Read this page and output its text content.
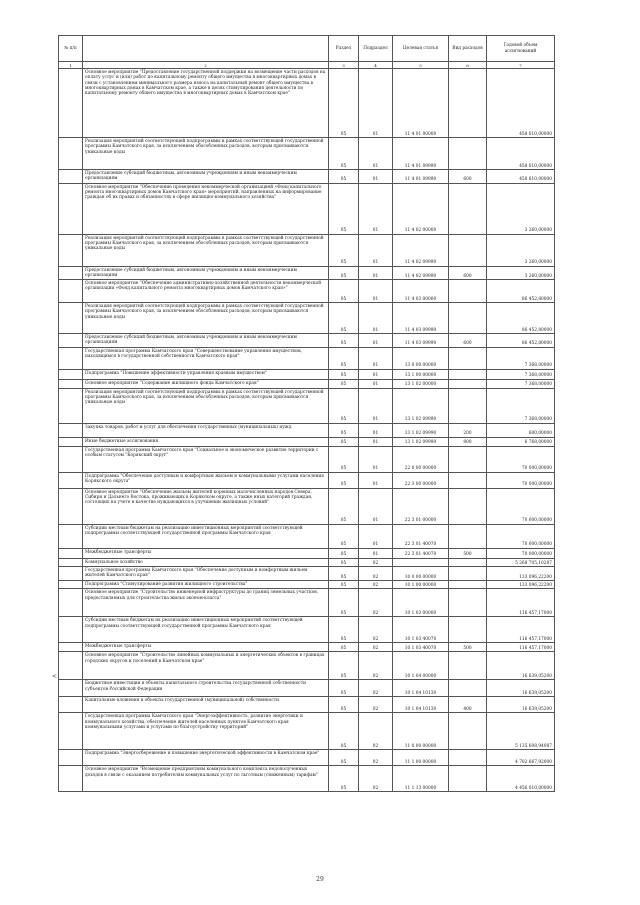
№ п/п		Раздел	Подраздел	Целевая статья	Вид расходов	Годовой объем ассигнований
1	2	3	4	5	6	7
	Основное мероприятие "Предоставление государственной поддержки на возмещение части расходов на оплату услуг и (или) работ по капитальному ремонту общего имущества в многоквартирных домах в связи с установлением минимального размера взноса на капитальный ремонт общего имущества в многоквартирных домах в Камчатском крае, а также в целях стимулирования деятельности по капитальному ремонту общего имущества в многоквартирных домах в Камчатском крае"	05	01	11 4 01 00000		458 610,00000
	Реализация мероприятий соответствующей подпрограммы в рамках соответствующей государственной программы Камчатского края, за исключением обособленных расходов, которым присваиваются уникальные коды	05	01	11 4 01 09990		458 610,00000
	Предоставление субсидий бюджетным, автономным учреждениям и иным некоммерческим организациям	05	01	11 4 01 09990	600	458 610,00000
	Основное мероприятие "Обеспечение проведения некоммерческой организацией «Фонд капитального ремонта многоквартирных домов Камчатского края» мероприятий, направленных на информирование граждан об их правах и обязанностях в сфере жилищно-коммунального хозяйства"	05	01	11 4 02 00000		3 260,00000
	Реализация мероприятий соответствующей подпрограммы в рамках соответствующей государственной программы Камчатского края, за исключением обособленных расходов, которым присваиваются уникальные коды	05	01	11 4 02 09990		3 260,00000
	Предоставление субсидий бюджетным, автономным учреждениям и иным некоммерческим организациям	05	01	11 4 02 09990	600	3 260,00000
	Основное мероприятие "Обеспечение административно-хозяйственной деятельности некоммерческой организации «Фонд капитального ремонта многоквартирных домов Камчатского края»"	05	01	11 4 03 00000		86 452,80000
	Реализация мероприятий соответствующей подпрограммы в рамках соответствующей государственной программы Камчатского края, за исключением обособленных расходов, которым присваиваются уникальные коды	05	01	11 4 03 09990		86 452,80000
	Предоставление субсидий бюджетным, автономным учреждениям и иным некоммерческим организациям	05	01	11 4 03 09990	600	86 452,80000
	Государственная программа Камчатского края "Совершенствование управления имуществом, находящимся в государственной собственности Камчатского края"	05	01	13 0 00 00000		7 368,00000
	Подпрограмма "Повышение эффективности управления краевым имуществом"	05	01	13 1 00 00000		7 368,00000
	Основное мероприятие "Содержание жилищного фонда Камчатского края"	05	01	13 1 02 00000		7 368,00000
	Реализация мероприятий соответствующей подпрограммы в рамках соответствующей государственной программы Камчатского края, за исключением обособленных расходов, которым присваиваются уникальные коды	05	01	13 1 02 09990		7 368,00000
	Закупка товаров, работ и услуг для обеспечения государственных (муниципальных) нужд	05	01	13 1 02 09990	200	600,00000
	Иные бюджетные ассигнования	05	01	13 1 02 09990	800	6 768,00000
	Государственная программа Камчатского края "Социальное и экономическое развитие территории с особым статусом "Корякский округ"	05	01	22 0 00 00000		70 000,00000
	Подпрограмма "Обеспечение доступным и комфортным жильем и коммунальными услугами населения Корякского округа"	05	01	22 3 00 00000		70 000,00000
	Основное мероприятие "Обеспечение жильем жителей коренных малочисленных народов Севера, Сибири и Дальнего Востока, проживающих в Корякском округе, а также иных категорий граждан, состоящих на учете в качестве нуждающихся в улучшении жилищных условий"	05	01	22 3 01 00000		70 000,00000
	Субсидии местным бюджетам на реализацию инвестиционных мероприятий соответствующей подпрограммы соответствующей государственной программы Камчатского края	05	01	22 3 01 40070		70 000,00000
	Межбюджетные трансферты	05	01	22 3 01 40070	500	70 000,00000
	Коммунальное хозяйство	05	02			5 268 705,10287
	Государственная программа Камчатского края "Обеспечение доступным и комфортным жильем жителей Камчатского края"	05	02	10 0 00 00000		133 096,22200
	Подпрограмма "Стимулирование развития жилищного строительства"	05	02	10 1 00 00000		133 096,22200
	Основное мероприятие "Строительство инженерной инфраструктуры до границ земельных участков, предоставляемых для строительства жилья эконом-класса"	05	02	10 1 03 00000		116 457,17000
	Субсидии местным бюджетам на реализацию инвестиционных мероприятий соответствующей подпрограммы соответствующей государственной программы Камчатского края	05	02	10 1 03 40070		116 457,17000
	Межбюджетные трансферты	05	02	10 1 03 40070	500	116 457,17000
	Основное мероприятие "Строительство линейных коммунальных и энергетических объектов в границах городских округов и поселений в Камчатском крае"	05	02	10 1 04 00000		16 639,05200
	Бюджетные инвестиции в объекты капитального строительства государственной собственности субъектов Российской Федерации	05	02	10 1 04 10130		16 639,05200
	Капитальные вложения в объекты государственной (муниципальной) собственности	05	02	10 1 04 10130	400	16 639,05200
	Государственная программа Камчатского края "Энергоэффективность, развитие энергетики и коммунального хозяйства, обеспечение жителей населенных пунктов Камчатского края коммунальными услугами и услугами по благоустройству территорий"	05	02	11 0 00 00000		5 135 608,94087
	Подпрограмма "Энергосбережение и повышение энергетической эффективности в Камчатском крае"	05	02	11 1 00 00000		4 702 667,92000
	Основное мероприятие "Возмещение предприятиям коммунального комплекса недополученных доходов в связи с оказанием потребителям коммунальных услуг по льготным (сниженным) тарифам"	05	02	11 1 13 00000		4 456 010,00000
<
29
